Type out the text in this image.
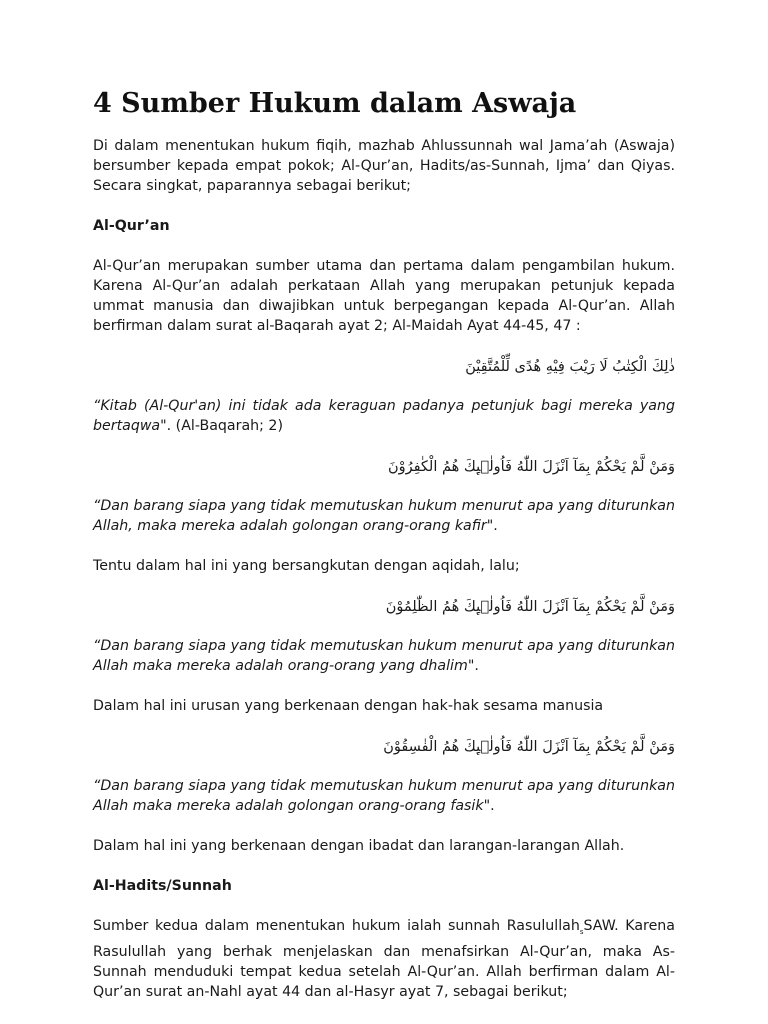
4 Sumber Hukum dalam Aswaja

Di dalam menentukan hukum fiqih, mazhab Ahlussunnah wal Jama’ah (Aswaja) bersumber kepada empat pokok; Al-Qur’an, Hadits/as-Sunnah, Ijma’ dan Qiyas. Secara singkat, paparannya sebagai berikut;

Al-Qur’an

Al-Qur’an merupakan sumber utama dan pertama dalam pengambilan hukum. Karena Al-Qur’an adalah perkataan Allah yang merupakan petunjuk kepada ummat manusia dan diwajibkan untuk berpegangan kepada Al-Qur’an. Allah berfirman dalam surat al-Baqarah ayat 2; Al-Maidah Ayat 44-45, 47 :

ذٰلِكَ الْكِتٰبُ لَا رَيْبَ فِيْهِ هُدًى لِّلْمُتَّقِيْنَ

“Kitab (Al-Qur'an) ini tidak ada keraguan padanya petunjuk bagi mereka yang bertaqwa". (Al-Baqarah; 2)

وَمَنْ لَّمْ يَحْكُمْ بِمَآ اَنْزَلَ اللّٰهُ فَاُولٰۤىِٕكَ هُمُ الْكٰفِرُوْنَ

“Dan barang siapa yang tidak memutuskan hukum menurut apa yang diturunkan Allah, maka mereka adalah golongan orang-orang kafir".

Tentu dalam hal ini yang bersangkutan dengan aqidah, lalu;

وَمَنْ لَّمْ يَحْكُمْ بِمَآ اَنْزَلَ اللّٰهُ فَاُولٰۤىِٕكَ هُمُ الظّٰلِمُوْنَ

“Dan barang siapa yang tidak memutuskan hukum menurut apa yang diturunkan Allah maka mereka adalah orang-orang yang dhalim".

Dalam hal ini urusan yang berkenaan dengan hak-hak sesama manusia

وَمَنْ لَّمْ يَحْكُمْ بِمَآ اَنْزَلَ اللّٰهُ فَاُولٰۤىِٕكَ هُمُ الْفٰسِقُوْنَ

“Dan barang siapa yang tidak memutuskan hukum menurut apa yang diturunkan Allah maka mereka adalah golongan orang-orang fasik".

Dalam hal ini yang berkenaan dengan ibadat dan larangan-larangan Allah.

Al-Hadits/Sunnah

Sumber kedua dalam menentukan hukum ialah sunnah Rasulullah$_s$SAW. Karena Rasulullah yang berhak menjelaskan dan menafsirkan Al-Qur’an, maka As-Sunnah menduduki tempat kedua setelah Al-Qur’an. Allah berfirman dalam Al-Qur’an surat an-Nahl ayat 44 dan al-Hasyr ayat 7, sebagai berikut;
